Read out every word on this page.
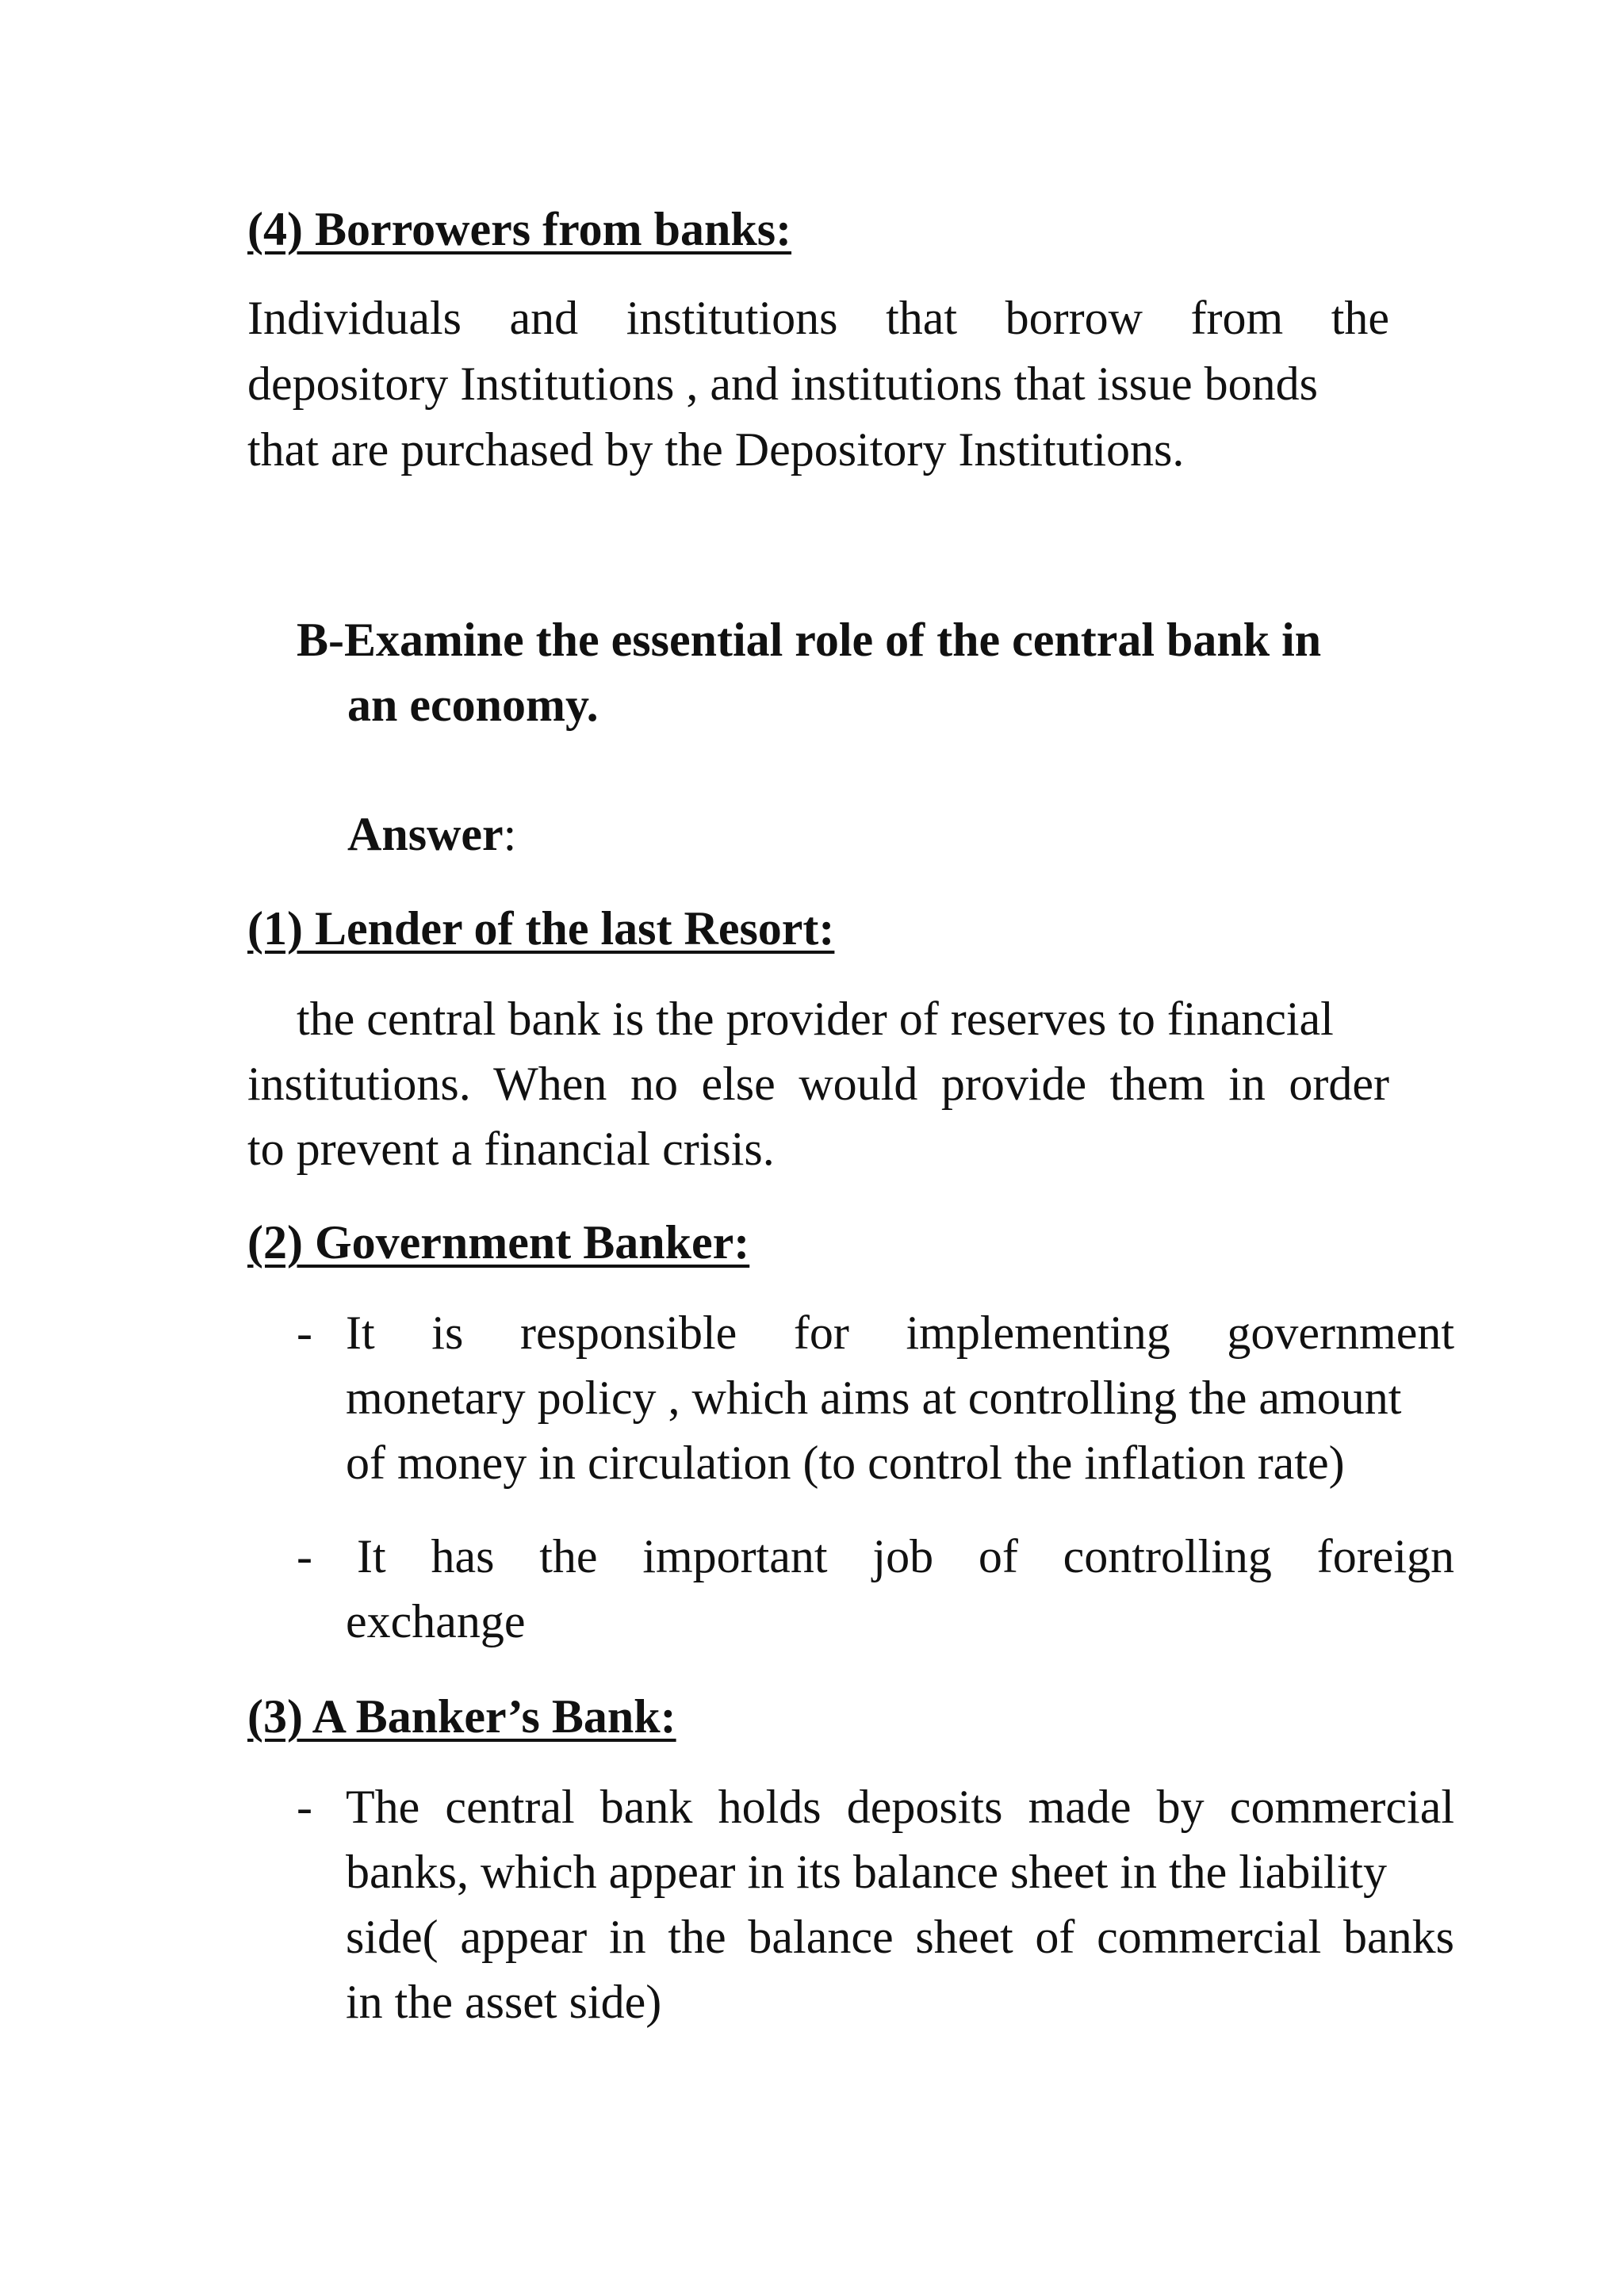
(4) Borrowers from banks:
Individuals and institutions that borrow from the
depository Institutions , and institutions that issue bonds
that are purchased by the Depository Institutions.
B-Examine the essential role of the central bank in
an economy.
Answer:
(1) Lender of the last Resort:
the central bank is the provider of reserves to financial
institutions. When no else would provide them in order
to prevent a financial crisis.
(2) Government Banker:
- It is responsible for implementing government
monetary policy , which aims at controlling the amount
of money in circulation (to control the inflation rate)
- It has the important job of controlling foreign
exchange
(3) A Banker’s Bank:
- The central bank holds deposits made by commercial
banks, which appear in its balance sheet in the liability
side( appear in the balance sheet of commercial banks
in the asset side)
